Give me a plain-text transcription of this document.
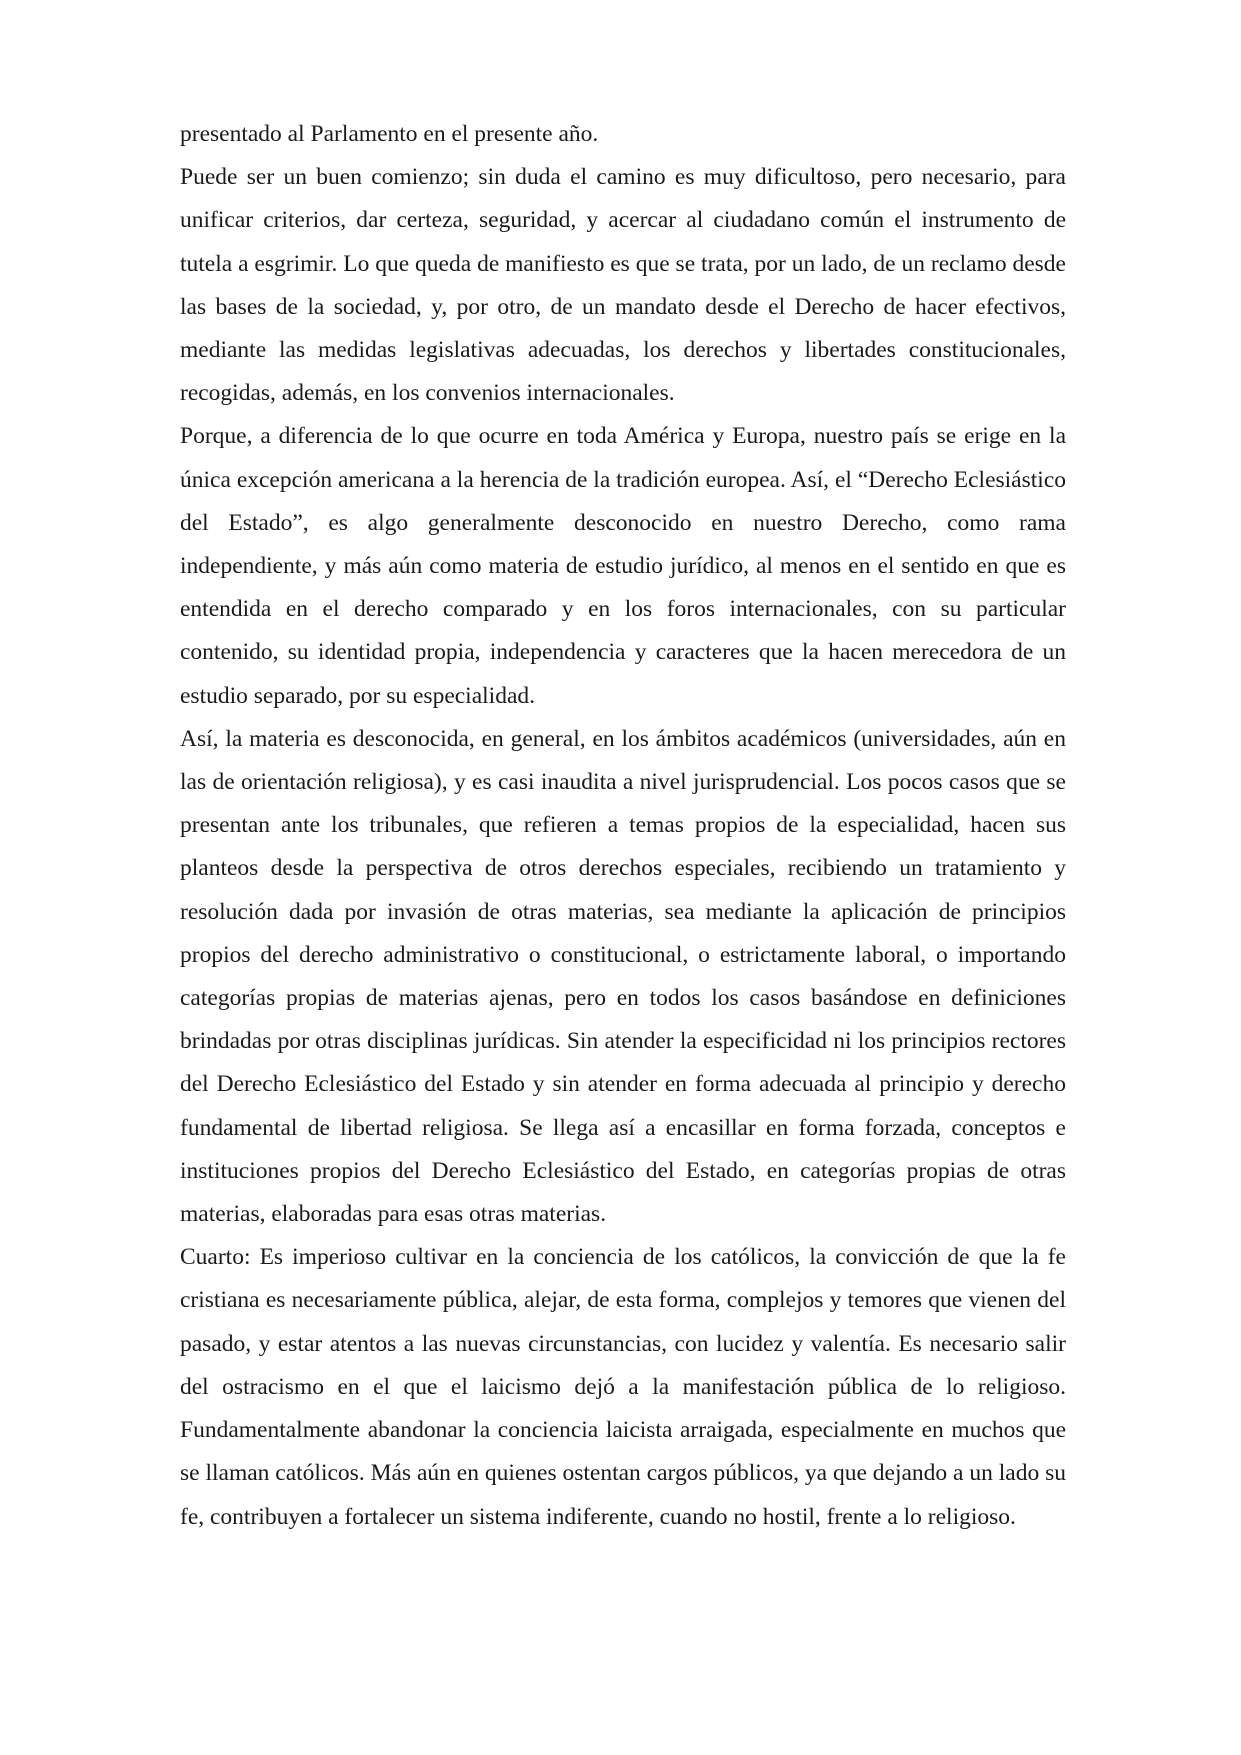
presentado al Parlamento en el presente año.

Puede ser un buen comienzo; sin duda el camino es muy dificultoso, pero necesario, para unificar criterios, dar certeza, seguridad, y acercar al ciudadano común el instrumento de tutela a esgrimir. Lo que queda de manifiesto es que se trata, por un lado, de un reclamo desde las bases de la sociedad, y, por otro, de un mandato desde el Derecho de hacer efectivos, mediante las medidas legislativas adecuadas, los derechos y libertades constitucionales, recogidas, además, en los convenios internacionales.

Porque, a diferencia de lo que ocurre en toda América y Europa, nuestro país se erige en la única excepción americana a la herencia de la tradición europea. Así, el “Derecho Eclesiástico del Estado”, es algo generalmente desconocido en nuestro Derecho, como rama independiente, y más aún como materia de estudio jurídico, al menos en el sentido en que es entendida en el derecho comparado y en los foros internacionales, con su particular contenido, su identidad propia, independencia y caracteres que la hacen merecedora de un estudio separado, por su especialidad.

Así, la materia es desconocida, en general, en los ámbitos académicos (universidades, aún en las de orientación religiosa), y es casi inaudita a nivel jurisprudencial. Los pocos casos que se presentan ante los tribunales, que refieren a temas propios de la especialidad, hacen sus planteos desde la perspectiva de otros derechos especiales, recibiendo un tratamiento y resolución dada por invasión de otras materias, sea mediante la aplicación de principios propios del derecho administrativo o constitucional, o estrictamente laboral, o importando categorías propias de materias ajenas, pero en todos los casos basándose en definiciones brindadas por otras disciplinas jurídicas. Sin atender la especificidad ni los principios rectores del Derecho Eclesiástico del Estado y sin atender en forma adecuada al principio y derecho fundamental de libertad religiosa. Se llega así a encasillar en forma forzada, conceptos e instituciones propios del Derecho Eclesiástico del Estado, en categorías propias de otras materias, elaboradas para esas otras materias.

Cuarto: Es imperioso cultivar en la conciencia de los católicos, la convicción de que la fe cristiana es necesariamente pública, alejar, de esta forma, complejos y temores que vienen del pasado, y estar atentos a las nuevas circunstancias, con lucidez y valentía. Es necesario salir del ostracismo en el que el laicismo dejó a la manifestación pública de lo religioso. Fundamentalmente abandonar la conciencia laicista arraigada, especialmente en muchos que se llaman católicos. Más aún en quienes ostentan cargos públicos, ya que dejando a un lado su fe, contribuyen a fortalecer un sistema indiferente, cuando no hostil, frente a lo religioso.
